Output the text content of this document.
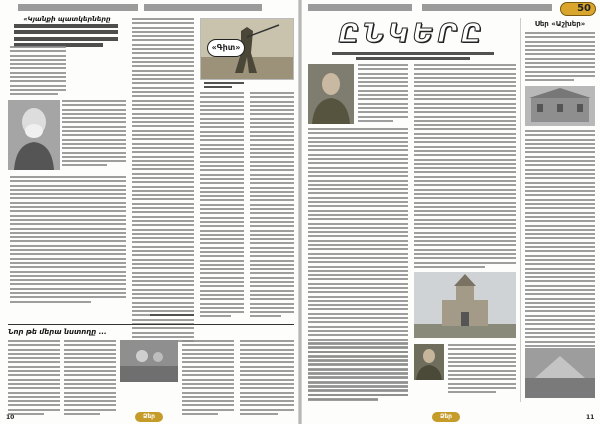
«Կյանքի պատկերները
«Գիտ»
Նոր թե մերա նստողը ...
10	Ձեր
50
ԸՆԿԵՐԸ	Սեր «Աշխեր»
Ձեր	11
